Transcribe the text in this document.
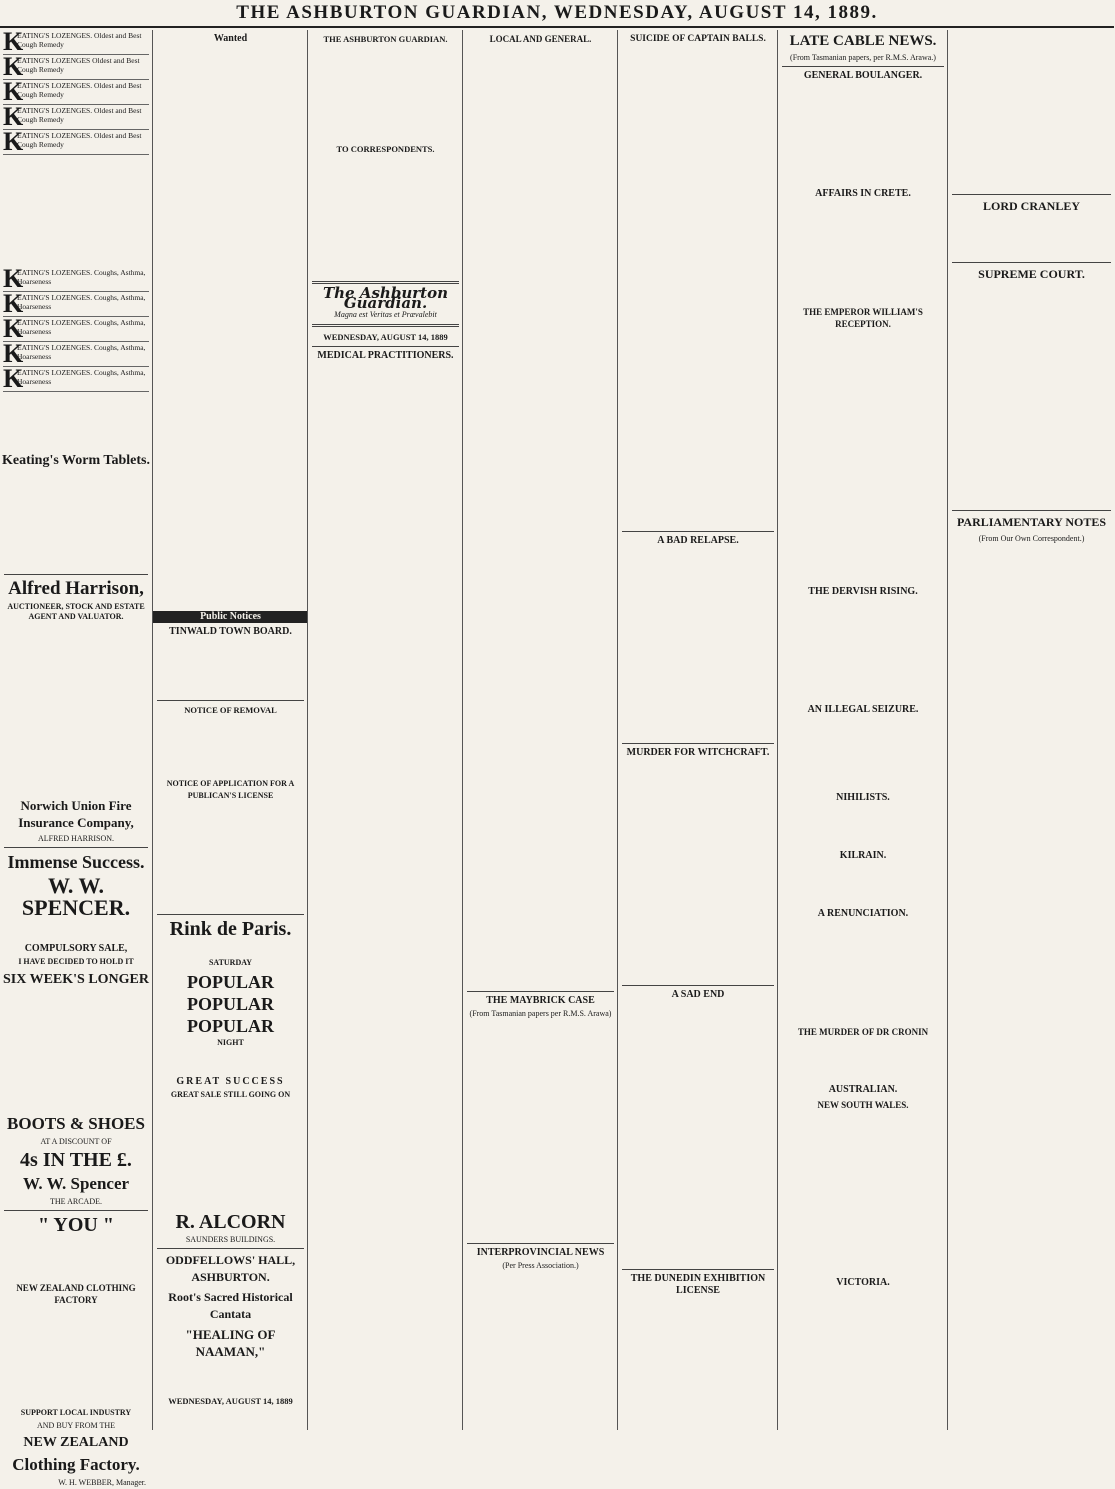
THE ASHBURTON GUARDIAN, WEDNESDAY, AUGUST 14, 1889.
K
EATING'S LOZENGES. Oldest and Best Cough Remedy
K
EATING'S LOZENGES Oldest and Best Cough Remedy
K
EATING'S LOZENGES. Oldest and Best Cough Remedy
K
EATING'S LOZENGES. Oldest and Best Cough Remedy
K
EATING'S LOZENGES. Oldest and Best Cough Remedy
K
EATING'S LOZENGES. Coughs, Asthma, Hoarseness
K
EATING'S LOZENGES. Coughs, Asthma, Hoarseness
K
EATING'S LOZENGES. Coughs, Asthma, Hoarseness
K
EATING'S LOZENGES. Coughs, Asthma, Hoarseness
K
EATING'S LOZENGES. Coughs, Asthma, Hoarseness
Keating's Worm Tablets.
Alfred Harrison,
AUCTIONEER, STOCK AND ESTATE AGENT AND VALUATOR.
Norwich Union Fire Insurance Company,
ALFRED HARRISON.
Immense Success.
W. W. SPENCER.
COMPULSORY SALE,
I HAVE DECIDED TO HOLD IT
SIX WEEK'S LONGER
BOOTS & SHOES
AT A DISCOUNT OF
4s IN THE £.
W. W. Spencer
THE ARCADE.
" YOU "
NEW ZEALAND CLOTHING FACTORY
SUPPORT LOCAL INDUSTRY
AND BUY FROM THE
NEW ZEALAND
Clothing Factory.
W. H. WEBBER, Manager.
Wanted
Public Notices
TINWALD TOWN BOARD.
NOTICE OF REMOVAL
NOTICE OF APPLICATION FOR A PUBLICAN'S LICENSE
Rink de Paris.
SATURDAY
POPULAR
POPULAR
POPULAR
NIGHT
GREAT SUCCESS
GREAT SALE STILL GOING ON
R. ALCORN
SAUNDERS BUILDINGS.
ODDFELLOWS' HALL, ASHBURTON.
Root's Sacred Historical Cantata
"HEALING OF NAAMAN,"
WEDNESDAY, AUGUST 14, 1889
THE ASHBURTON GUARDIAN.
TO CORRESPONDENTS.
The Ashburton Guardian.
Magna est Veritas et Prævalebit
WEDNESDAY, AUGUST 14, 1889
MEDICAL PRACTITIONERS.
LOCAL AND GENERAL.
THE MAYBRICK CASE
(From Tasmanian papers per R.M.S. Arawa)
INTERPROVINCIAL NEWS
(Per Press Association.)
SUICIDE OF CAPTAIN BALLS.
A BAD RELAPSE.
MURDER FOR WITCHCRAFT.
A SAD END
THE DUNEDIN EXHIBITION LICENSE
LATE CABLE NEWS.
(From Tasmanian papers, per R.M.S. Arawa.)
GENERAL BOULANGER.
AFFAIRS IN CRETE.
THE EMPEROR WILLIAM'S RECEPTION.
THE DERVISH RISING.
AN ILLEGAL SEIZURE.
NIHILISTS.
KILRAIN.
A RENUNCIATION.
THE MURDER OF DR CRONIN
AUSTRALIAN.
NEW SOUTH WALES.
VICTORIA.
LORD CRANLEY
SUPREME COURT.
PARLIAMENTARY NOTES
(From Our Own Correspondent.)
